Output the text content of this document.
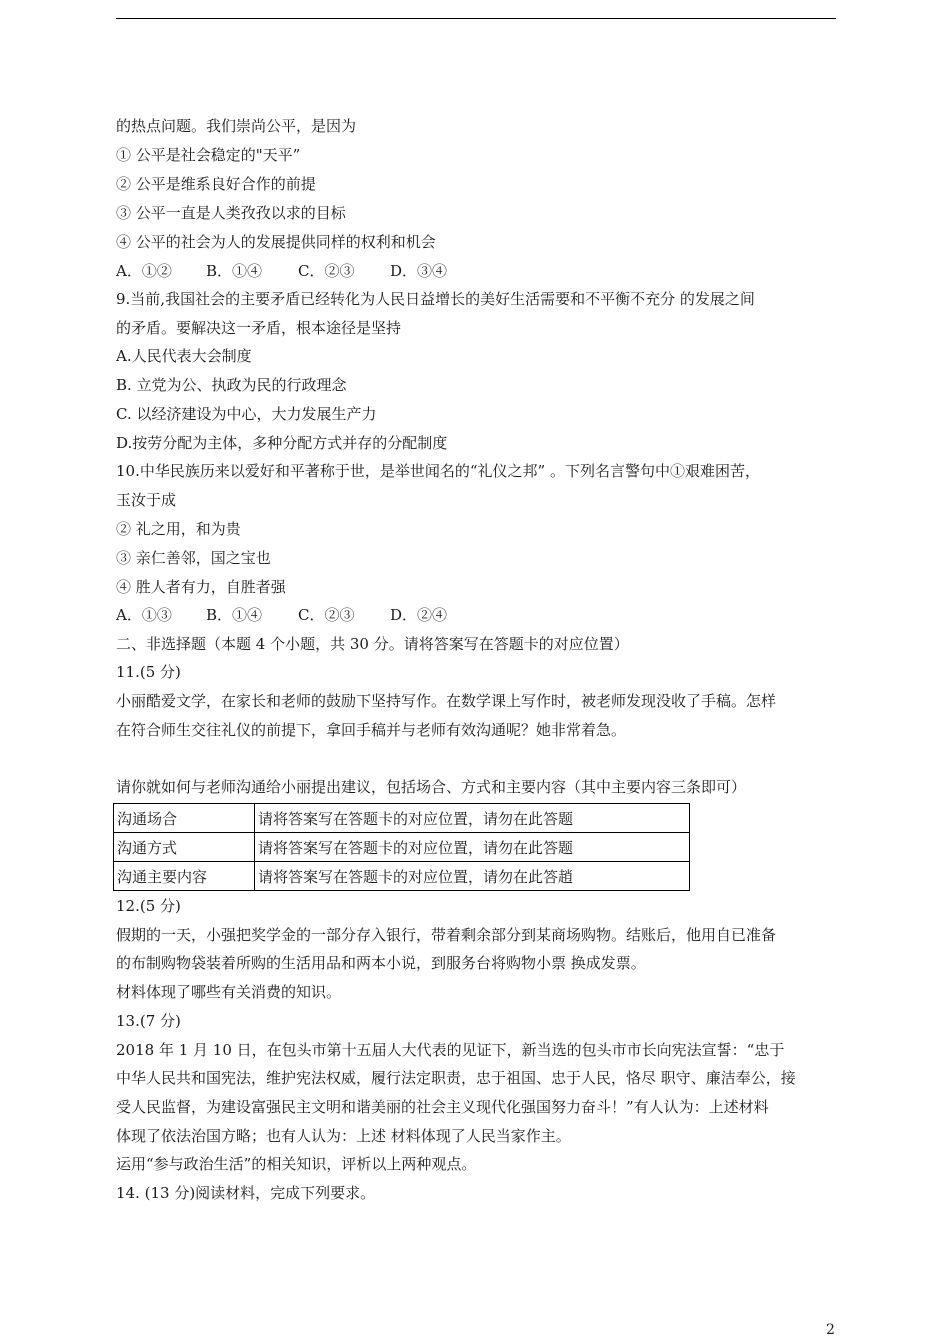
的热点问题。我们崇尚公平，是因为
① 公平是社会稳定的"天平”
② 公平是维系良好合作的前提
③ 公平一直是人类孜孜以求的目标
④ 公平的社会为人的发展提供同样的权利和机会
A．①② B．①④ C．②③ D．③④
9.当前,我国社会的主要矛盾已经转化为人民日益增长的美好生活需要和不平衡不充分 的发展之间
的矛盾。要解决这一矛盾，根本途径是坚持
A.人民代表大会制度
B. 立党为公、执政为民的行政理念
C. 以经济建设为中心，大力发展生产力
D.按劳分配为主体，多种分配方式并存的分配制度
10.中华民族历来以爱好和平著称于世，是举世闻名的“礼仪之邦” 。下列名言警句中①艰难困苦，
玉汝于成
② 礼之用，和为贵
③ 亲仁善邻，国之宝也
④ 胜人者有力，自胜者强
A．①③ B．①④ C．②③ D．②④
二、非选择题（本题 4 个小题，共 30 分。请将答案写在答题卡的对应位置）
11.(5 分)
小丽酷爱文学，在家长和老师的鼓励下坚持写作。在数学课上写作时，被老师发现没收了手稿。怎样
在符合师生交往礼仪的前提下，拿回手稿并与老师有效沟通呢？她非常着急。
请你就如何与老师沟通给小丽提出建议，包括场合、方式和主要内容（其中主要内容三条即可）
沟通场合	请将答案写在答题卡的对应位置，请勿在此答题
沟通方式	请将答案写在答题卡的对应位置，请勿在此答题
沟通主要内容	请将答案写在答题卡的对应位置，请勿在此答趙
12.(5 分)
假期的一天，小强把奖学金的一部分存入银行，带着剩余部分到某商场购物。结账后，他用自已准备
的布制购物袋装着所购的生活用品和两本小说，到服务台将购物小票 换成发票。
材料体现了哪些有关消费的知识。
13.(7 分)
2018 年 1 月 10 日，在包头市第十五届人大代表的见证下，新当选的包头市市长向宪法宣誓：“忠于
中华人民共和国宪法，维护宪法权威，履行法定职责，忠于祖国、忠于人民，恪尽 职守、廉洁奉公，接
受人民监督，为建设富强民主文明和谐美丽的社会主义现代化强国努力奋斗！”有人认为：上述材料
体现了依法治国方略；也有人认为：上述 材料体现了人民当家作主。
运用“参与政治生活”的相关知识，评析以上两种观点。
14. (13 分)阅读材料，完成下列要求。
2
